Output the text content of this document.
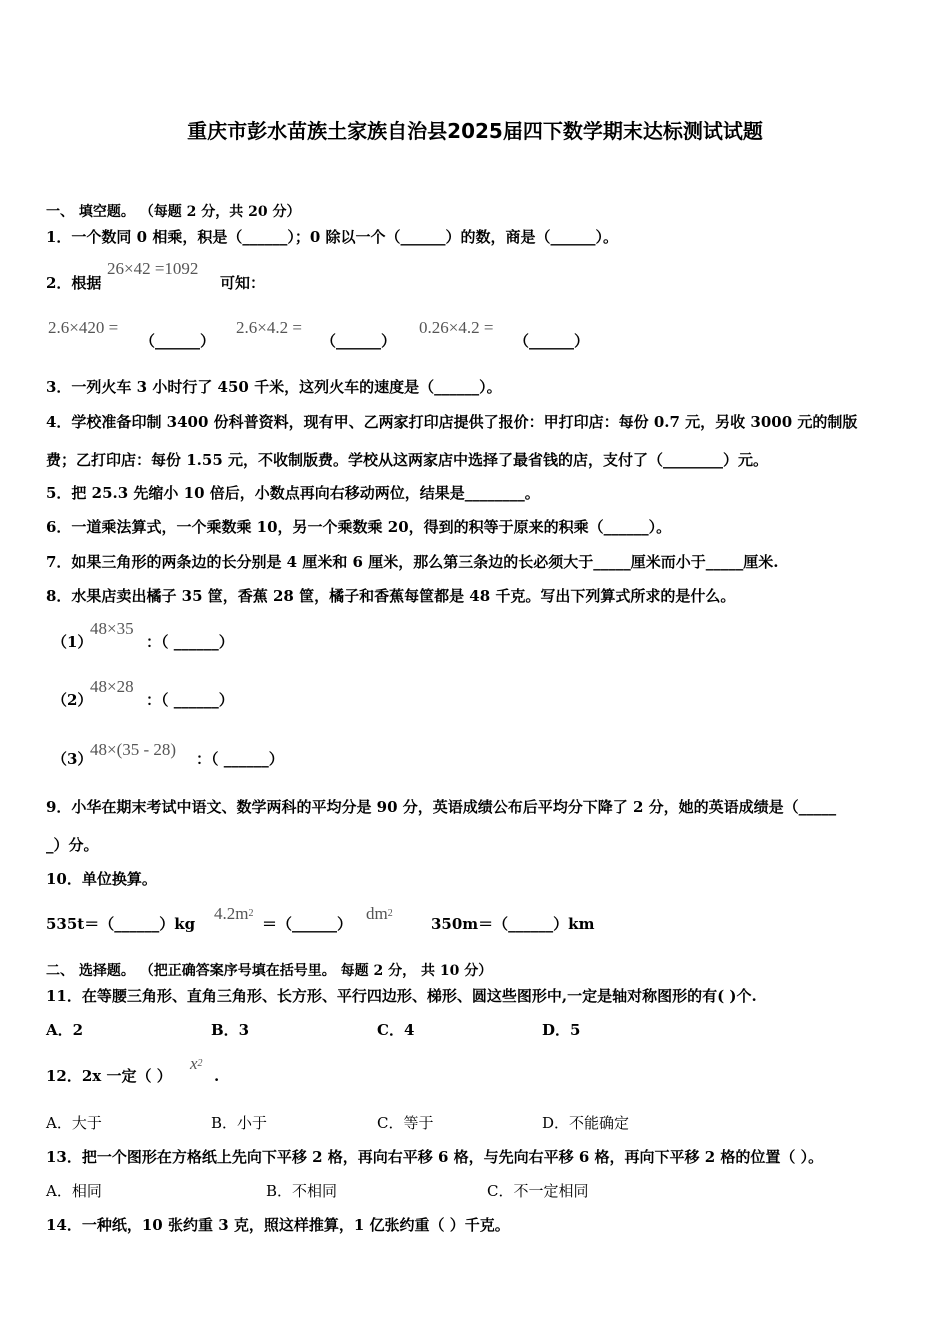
重庆市彭水苗族土家族自治县2025届四下数学期末达标测试试题
一、 填空题。 （每题 2 分，共 20 分）
1．一个数同 0 相乘，积是（______）；0 除以一个（______）的数，商是（______）。
2．根据
26×42 =1092
可知：
2.6×420 =
（______）
2.6×4.2 =
（______）
0.26×4.2 =
（______）
3．一列火车 3 小时行了 450 千米，这列火车的速度是（______）。
4．学校准备印制 3400 份科普资料，现有甲、乙两家打印店提供了报价：甲打印店：每份 0.7 元，另收 3000 元的制版
费；乙打印店：每份 1.55 元，不收制版费。学校从这两家店中选择了最省钱的店，支付了（________）元。
5．把 25.3 先缩小 10 倍后，小数点再向右移动两位，结果是________。
6．一道乘法算式，一个乘数乘 10，另一个乘数乘 20，得到的积等于原来的积乘（______）。
7．如果三角形的两条边的长分别是 4 厘米和 6 厘米，那么第三条边的长必须大于_____厘米而小于_____厘米.
8．水果店卖出橘子 35 筐，香蕉 28 筐，橘子和香蕉每筐都是 48 千克。写出下列算式所求的是什么。
（1）
48×35
：（ ______）
（2）
48×28
：（ ______）
（3）
48×(35 - 28) ：（ ______）
9．小华在期末考试中语文、数学两科的平均分是 90 分，英语成绩公布后平均分下降了 2 分，她的英语成绩是（_____
_）分。
10．单位换算。
535t＝（______）kg
$4.2m^2$
＝（______）
$dm^2$
350m＝（______）km
二、 选择题。 （把正确答案序号填在括号里。 每题 2 分， 共 10 分）
11．在等腰三角形、直角三角形、长方形、平行四边形、梯形、圆这些图形中,一定是轴对称图形的有( )个.
A．2	B．3	C．4	D．5
12．2x 一定（ ）
$x^2$
.
A．大于	B．小于	C．等于	D．不能确定
13．把一个图形在方格纸上先向下平移 2 格，再向右平移 6 格，与先向右平移 6 格，再向下平移 2 格的位置（ ）。
A．相同	B．不相同	C．不一定相同
14．一种纸，10 张约重 3 克，照这样推算，1 亿张约重（ ）千克。
